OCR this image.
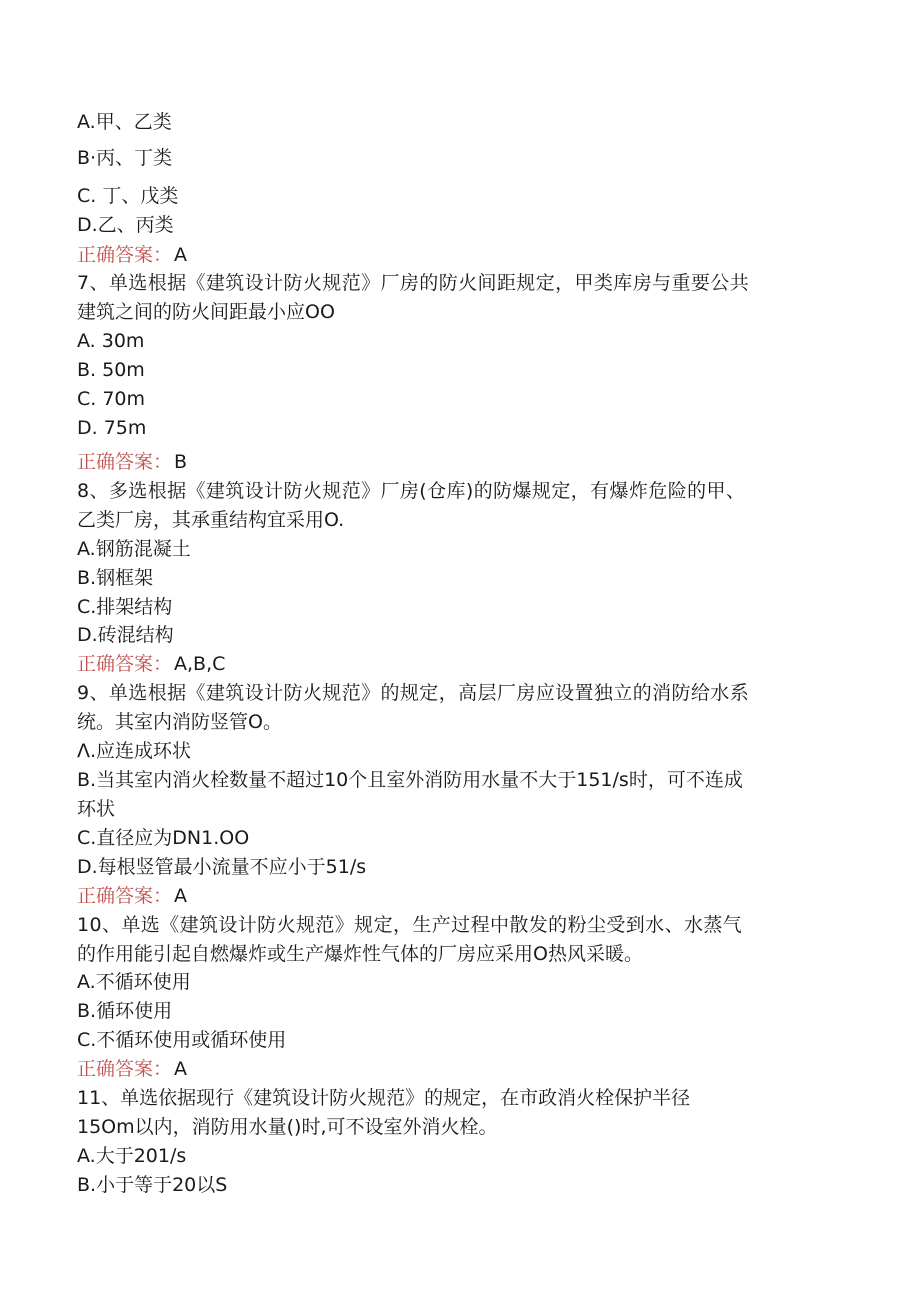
A.甲、乙类
B·丙、丁类
C. 丁、戊类
D.乙、丙类
正确答案： A
7、单选根据《建筑设计防火规范》厂房的防火间距规定，甲类库房与重要公共
建筑之间的防火间距最小应OO
A. 30m
B. 50m
C. 70m
D. 75m
正确答案： B
8、多选根据《建筑设计防火规范》厂房(仓库)的防爆规定，有爆炸危险的甲、
乙类厂房，其承重结构宜采用O.
A.钢筋混凝土
B.钢框架
C.排架结构
D.砖混结构
正确答案： A,B,C
9、单选根据《建筑设计防火规范》的规定，高层厂房应设置独立的消防给水系
统。其室内消防竖管O。
Λ.应连成环状
B.当其室内消火栓数量不超过10个且室外消防用水量不大于151∕s时，可不连成
环状
C.直径应为DN1.OO
D.每根竖管最小流量不应小于51∕s
正确答案： A
10、单选《建筑设计防火规范》规定，生产过程中散发的粉尘受到水、水蒸气
的作用能引起自燃爆炸或生产爆炸性气体的厂房应采用O热风采暖。
A.不循环使用
B.循环使用
C.不循环使用或循环使用
正确答案： A
11、单选依据现行《建筑设计防火规范》的规定，在市政消火栓保护半径
15Om以内，消防用水量()时,可不设室外消火栓。
A.大于201∕s
B.小于等于20以S
